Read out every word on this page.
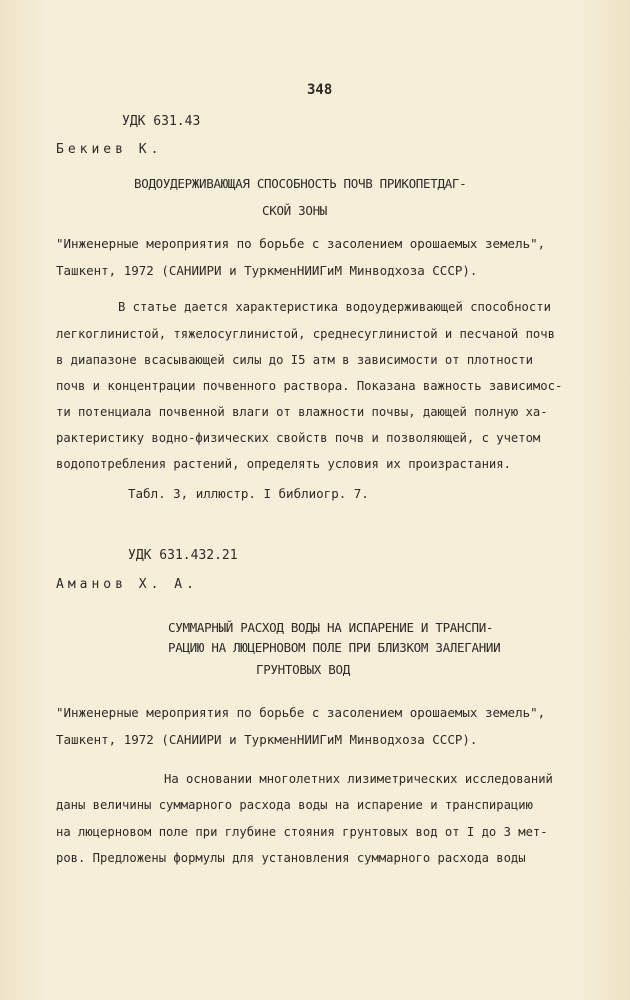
348
УДК 631.43
Бекиев К.
ВОДОУДЕРЖИВАЮЩАЯ СПОСОБНОСТЬ ПОЧВ ПРИКОПЕТДАГ-
СКОЙ ЗОНЫ
"Инженерные мероприятия по борьбе с засолением орошаемых земель",
Ташкент, 1972 (САНИИРИ и ТуркменНИИГиМ Минводхоза СССР).
В статье дается характеристика водоудерживающей способности
легкоглинистой, тяжелосуглинистой, среднесуглинистой и песчаной почв
в диапазоне всасывающей силы до I5 атм в зависимости от плотности
почв и концентрации почвенного раствора. Показана важность зависимос-
ти потенциала почвенной влаги от влажности почвы, дающей полную ха-
рактеристику водно-физических свойств почв и позволяющей, с учетом
водопотребления растений, определять условия их произрастания.
Табл. 3, иллюстр. I библиогр. 7.
УДК 631.432.21
Аманов Х. А.
СУММАРНЫЙ РАСХОД ВОДЫ НА ИСПАРЕНИЕ И ТРАНСПИ-
РАЦИЮ НА ЛЮЦЕРНОВОМ ПОЛЕ ПРИ БЛИЗКОМ ЗАЛЕГАНИИ
ГРУНТОВЫХ ВОД
"Инженерные мероприятия по борьбе с засолением орошаемых земель",
Ташкент, 1972 (САНИИРИ и ТуркменНИИГиМ Минводхоза СССР).
На основании многолетних лизиметрических исследований
даны величины суммарного расхода воды на испарение и транспирацию
на люцерновом поле при глубине стояния грунтовых вод от I до 3 мет-
ров. Предложены формулы для установления суммарного расхода воды
